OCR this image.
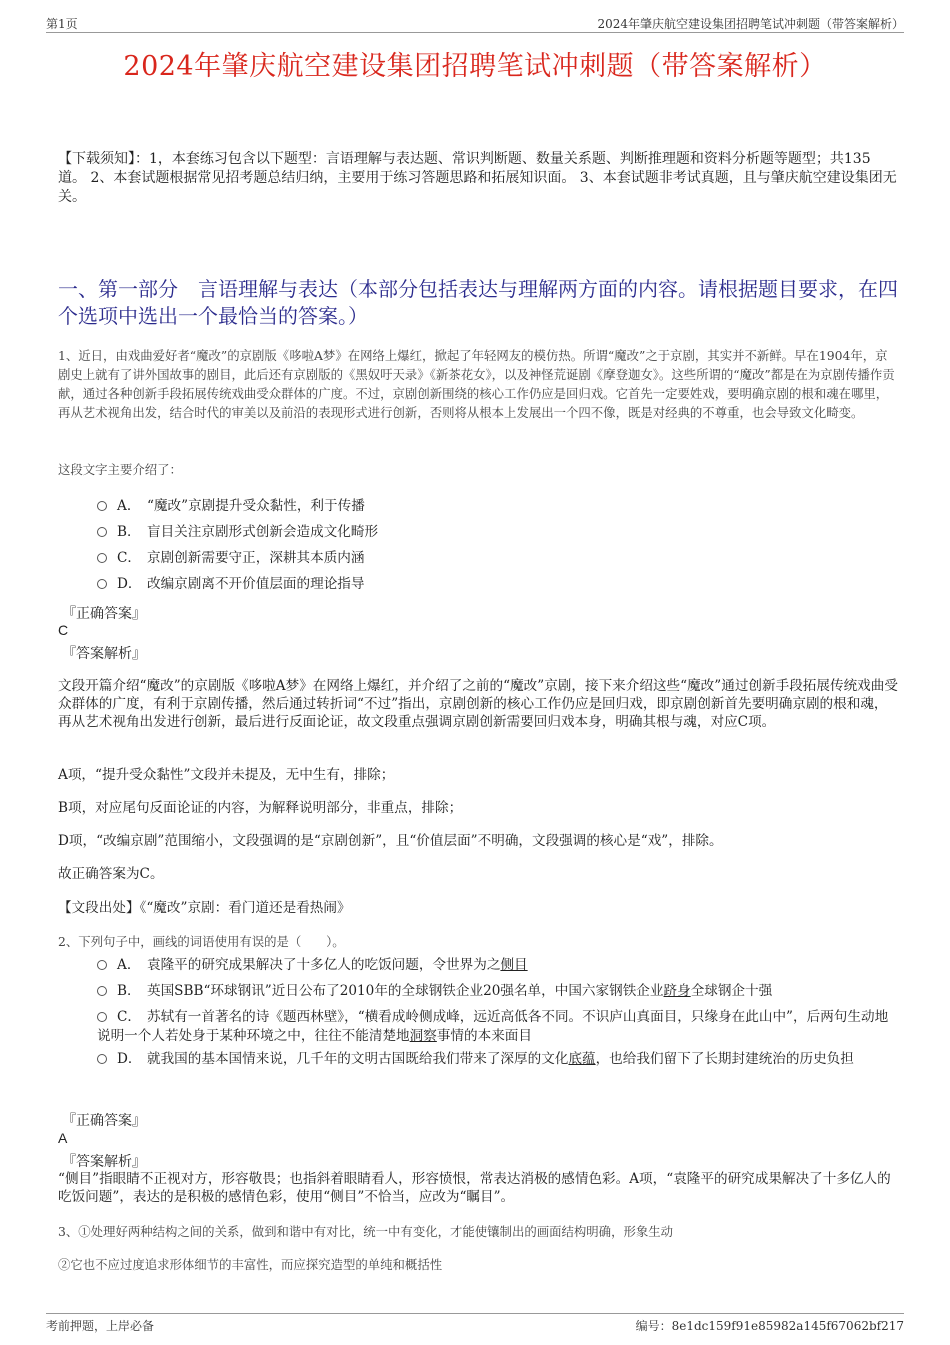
第1页	2024年肇庆航空建设集团招聘笔试冲刺题（带答案解析）
2024年肇庆航空建设集团招聘笔试冲刺题（带答案解析）
【下载须知】：1，本套练习包含以下题型：言语理解与表达题、常识判断题、数量关系题、判断推理题和资料分析题等题型；共135道。 2、本套试题根据常见招考题总结归纳，主要用于练习答题思路和拓展知识面。 3、本套试题非考试真题，且与肇庆航空建设集团无关。
一、第一部分　言语理解与表达（本部分包括表达与理解两方面的内容。请根据题目要求，在四个选项中选出一个最恰当的答案。）
1、近日，由戏曲爱好者“魔改”的京剧版《哆啦A梦》在网络上爆红，掀起了年轻网友的模仿热。所谓“魔改”之于京剧，其实并不新鲜。早在1904年，京剧史上就有了讲外国故事的剧目，此后还有京剧版的《黑奴吁天录》《新茶花女》，以及神怪荒诞剧《摩登迦女》。这些所谓的“魔改”都是在为京剧传播作贡献，通过各种创新手段拓展传统戏曲受众群体的广度。不过，京剧创新围绕的核心工作仍应是回归戏。它首先一定要姓戏，要明确京剧的根和魂在哪里，再从艺术视角出发，结合时代的审美以及前沿的表现形式进行创新，否则将从根本上发展出一个四不像，既是对经典的不尊重，也会导致文化畸变。
这段文字主要介绍了：
A． “魔改”京剧提升受众黏性，利于传播
B． 盲目关注京剧形式创新会造成文化畸形
C． 京剧创新需要守正，深耕其本质内涵
D． 改编京剧离不开价值层面的理论指导
『正确答案』
C
『答案解析』
文段开篇介绍“魔改”的京剧版《哆啦A梦》在网络上爆红，并介绍了之前的“魔改”京剧，接下来介绍这些“魔改”通过创新手段拓展传统戏曲受众群体的广度，有利于京剧传播，然后通过转折词“不过”指出，京剧创新的核心工作仍应是回归戏，即京剧创新首先要明确京剧的根和魂，再从艺术视角出发进行创新，最后进行反面论证，故文段重点强调京剧创新需要回归戏本身，明确其根与魂，对应C项。
A项，“提升受众黏性”文段并未提及，无中生有，排除；
B项，对应尾句反面论证的内容，为解释说明部分，非重点，排除；
D项，“改编京剧”范围缩小，文段强调的是“京剧创新”，且“价值层面”不明确，文段强调的核心是“戏”，排除。
故正确答案为C。
【文段出处】《“魔改”京剧：看门道还是看热闹》
2、下列句子中，画线的词语使用有误的是（　　）。
A． 袁隆平的研究成果解决了十多亿人的吃饭问题，令世界为之侧目
B． 英国SBB“环球钢讯”近日公布了2010年的全球钢铁企业20强名单，中国六家钢铁企业跻身全球钢企十强
C． 苏轼有一首著名的诗《题西林壁》，“横看成岭侧成峰，远近高低各不同。不识庐山真面目，只缘身在此山中”，后两句生动地说明一个人若处身于某种环境之中，往往不能清楚地洞察事情的本来面目
D． 就我国的基本国情来说，几千年的文明古国既给我们带来了深厚的文化底蕴，也给我们留下了长期封建统治的历史负担
『正确答案』
A
『答案解析』
“侧目”指眼睛不正视对方，形容敬畏；也指斜着眼睛看人，形容愤恨，常表达消极的感情色彩。A项，“袁隆平的研究成果解决了十多亿人的吃饭问题”，表达的是积极的感情色彩，使用“侧目”不恰当，应改为“瞩目”。
3、①处理好两种结构之间的关系，做到和谐中有对比，统一中有变化，才能使镶制出的画面结构明确，形象生动
②它也不应过度追求形体细节的丰富性，而应探究造型的单纯和概括性
考前押题，上岸必备	编号：8e1dc159f91e85982a145f67062bf217
